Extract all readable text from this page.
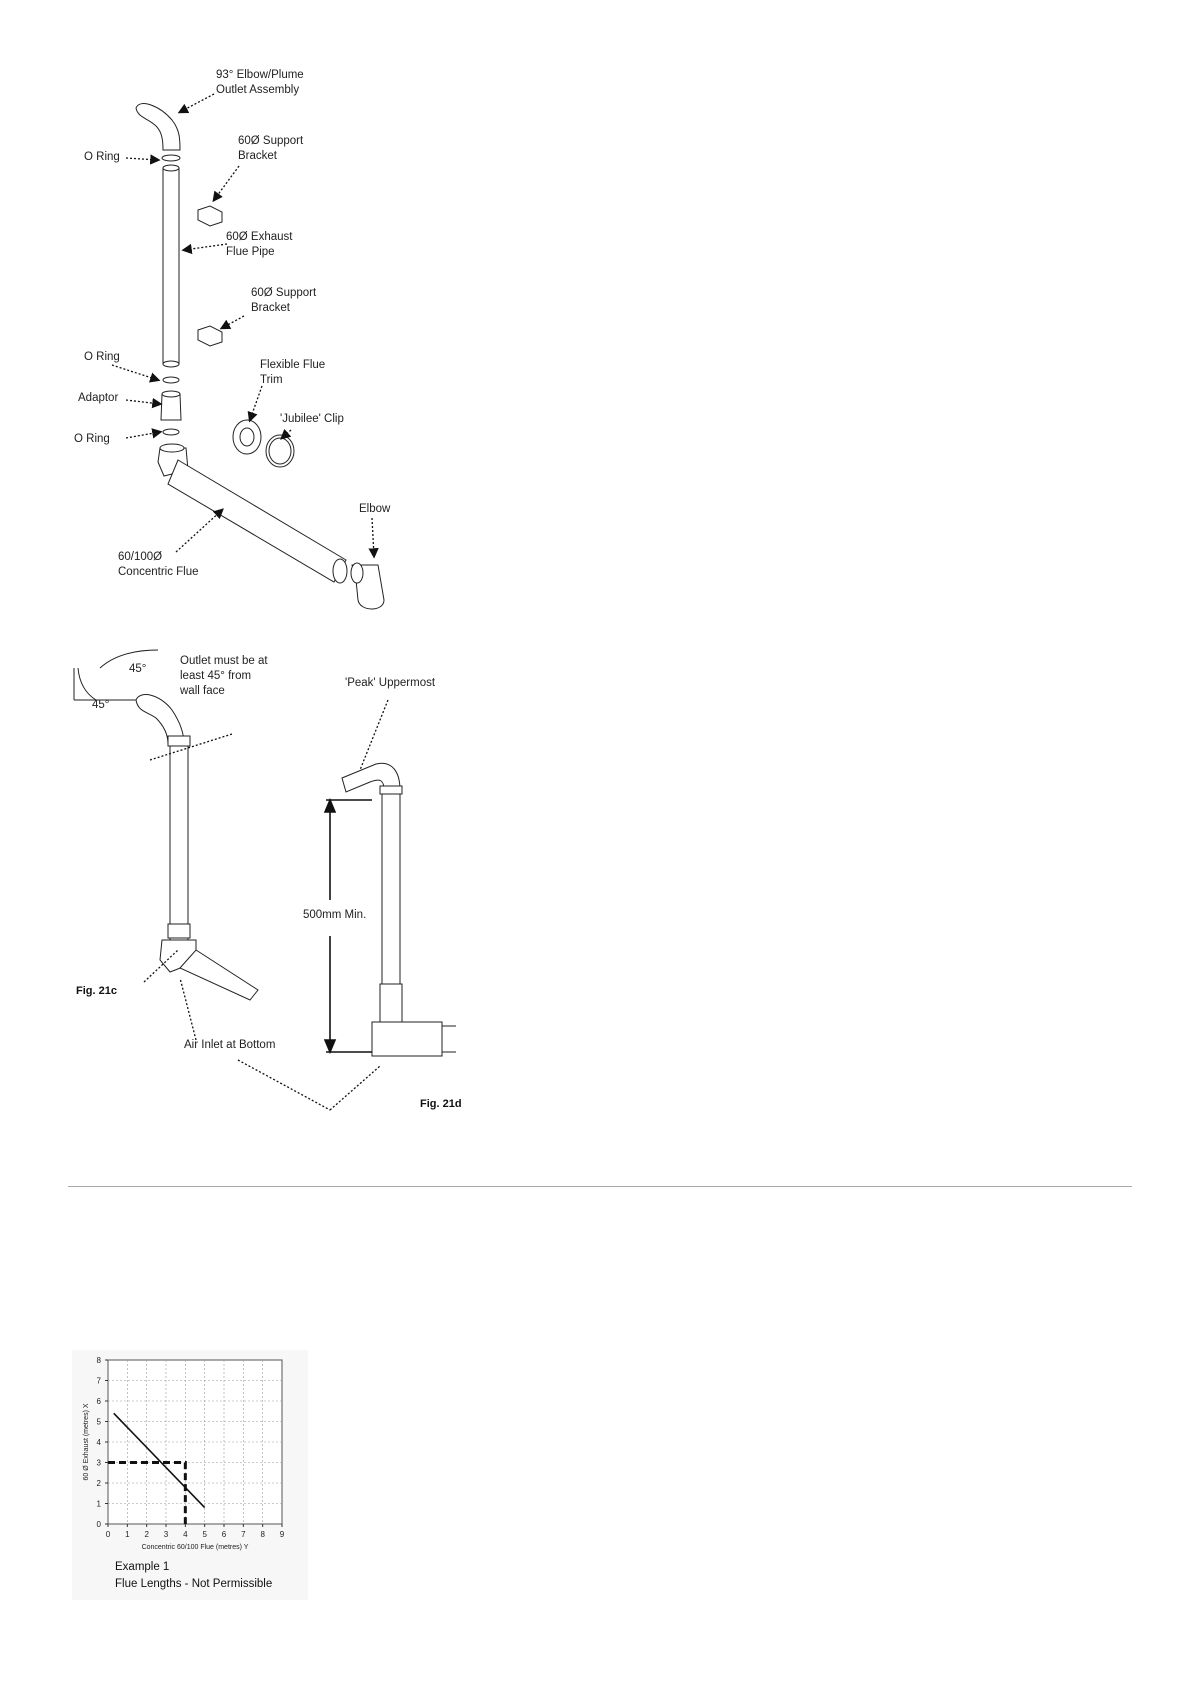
93° Elbow/Plume
Outlet Assembly
O Ring
60Ø Support
Bracket
60Ø Exhaust
Flue Pipe
60Ø Support
Bracket
O Ring
Flexible Flue
Trim
Adaptor
'Jubilee' Clip
O Ring
Elbow
60/100Ø
Concentric Flue
45°
45°
Outlet must be at
least 45° from
wall face
'Peak' Uppermost
500mm Min.
Fig. 21c
Air Inlet at Bottom
Fig. 21d
0 1 2 3 4 5 6 7 8 9
0
1
2
3
4
5
6
7
8
Concentric 60/100 Flue (metres) Y
60 Ø Exhaust (metres) X
Example 1
Flue Lengths - Not Permissible
